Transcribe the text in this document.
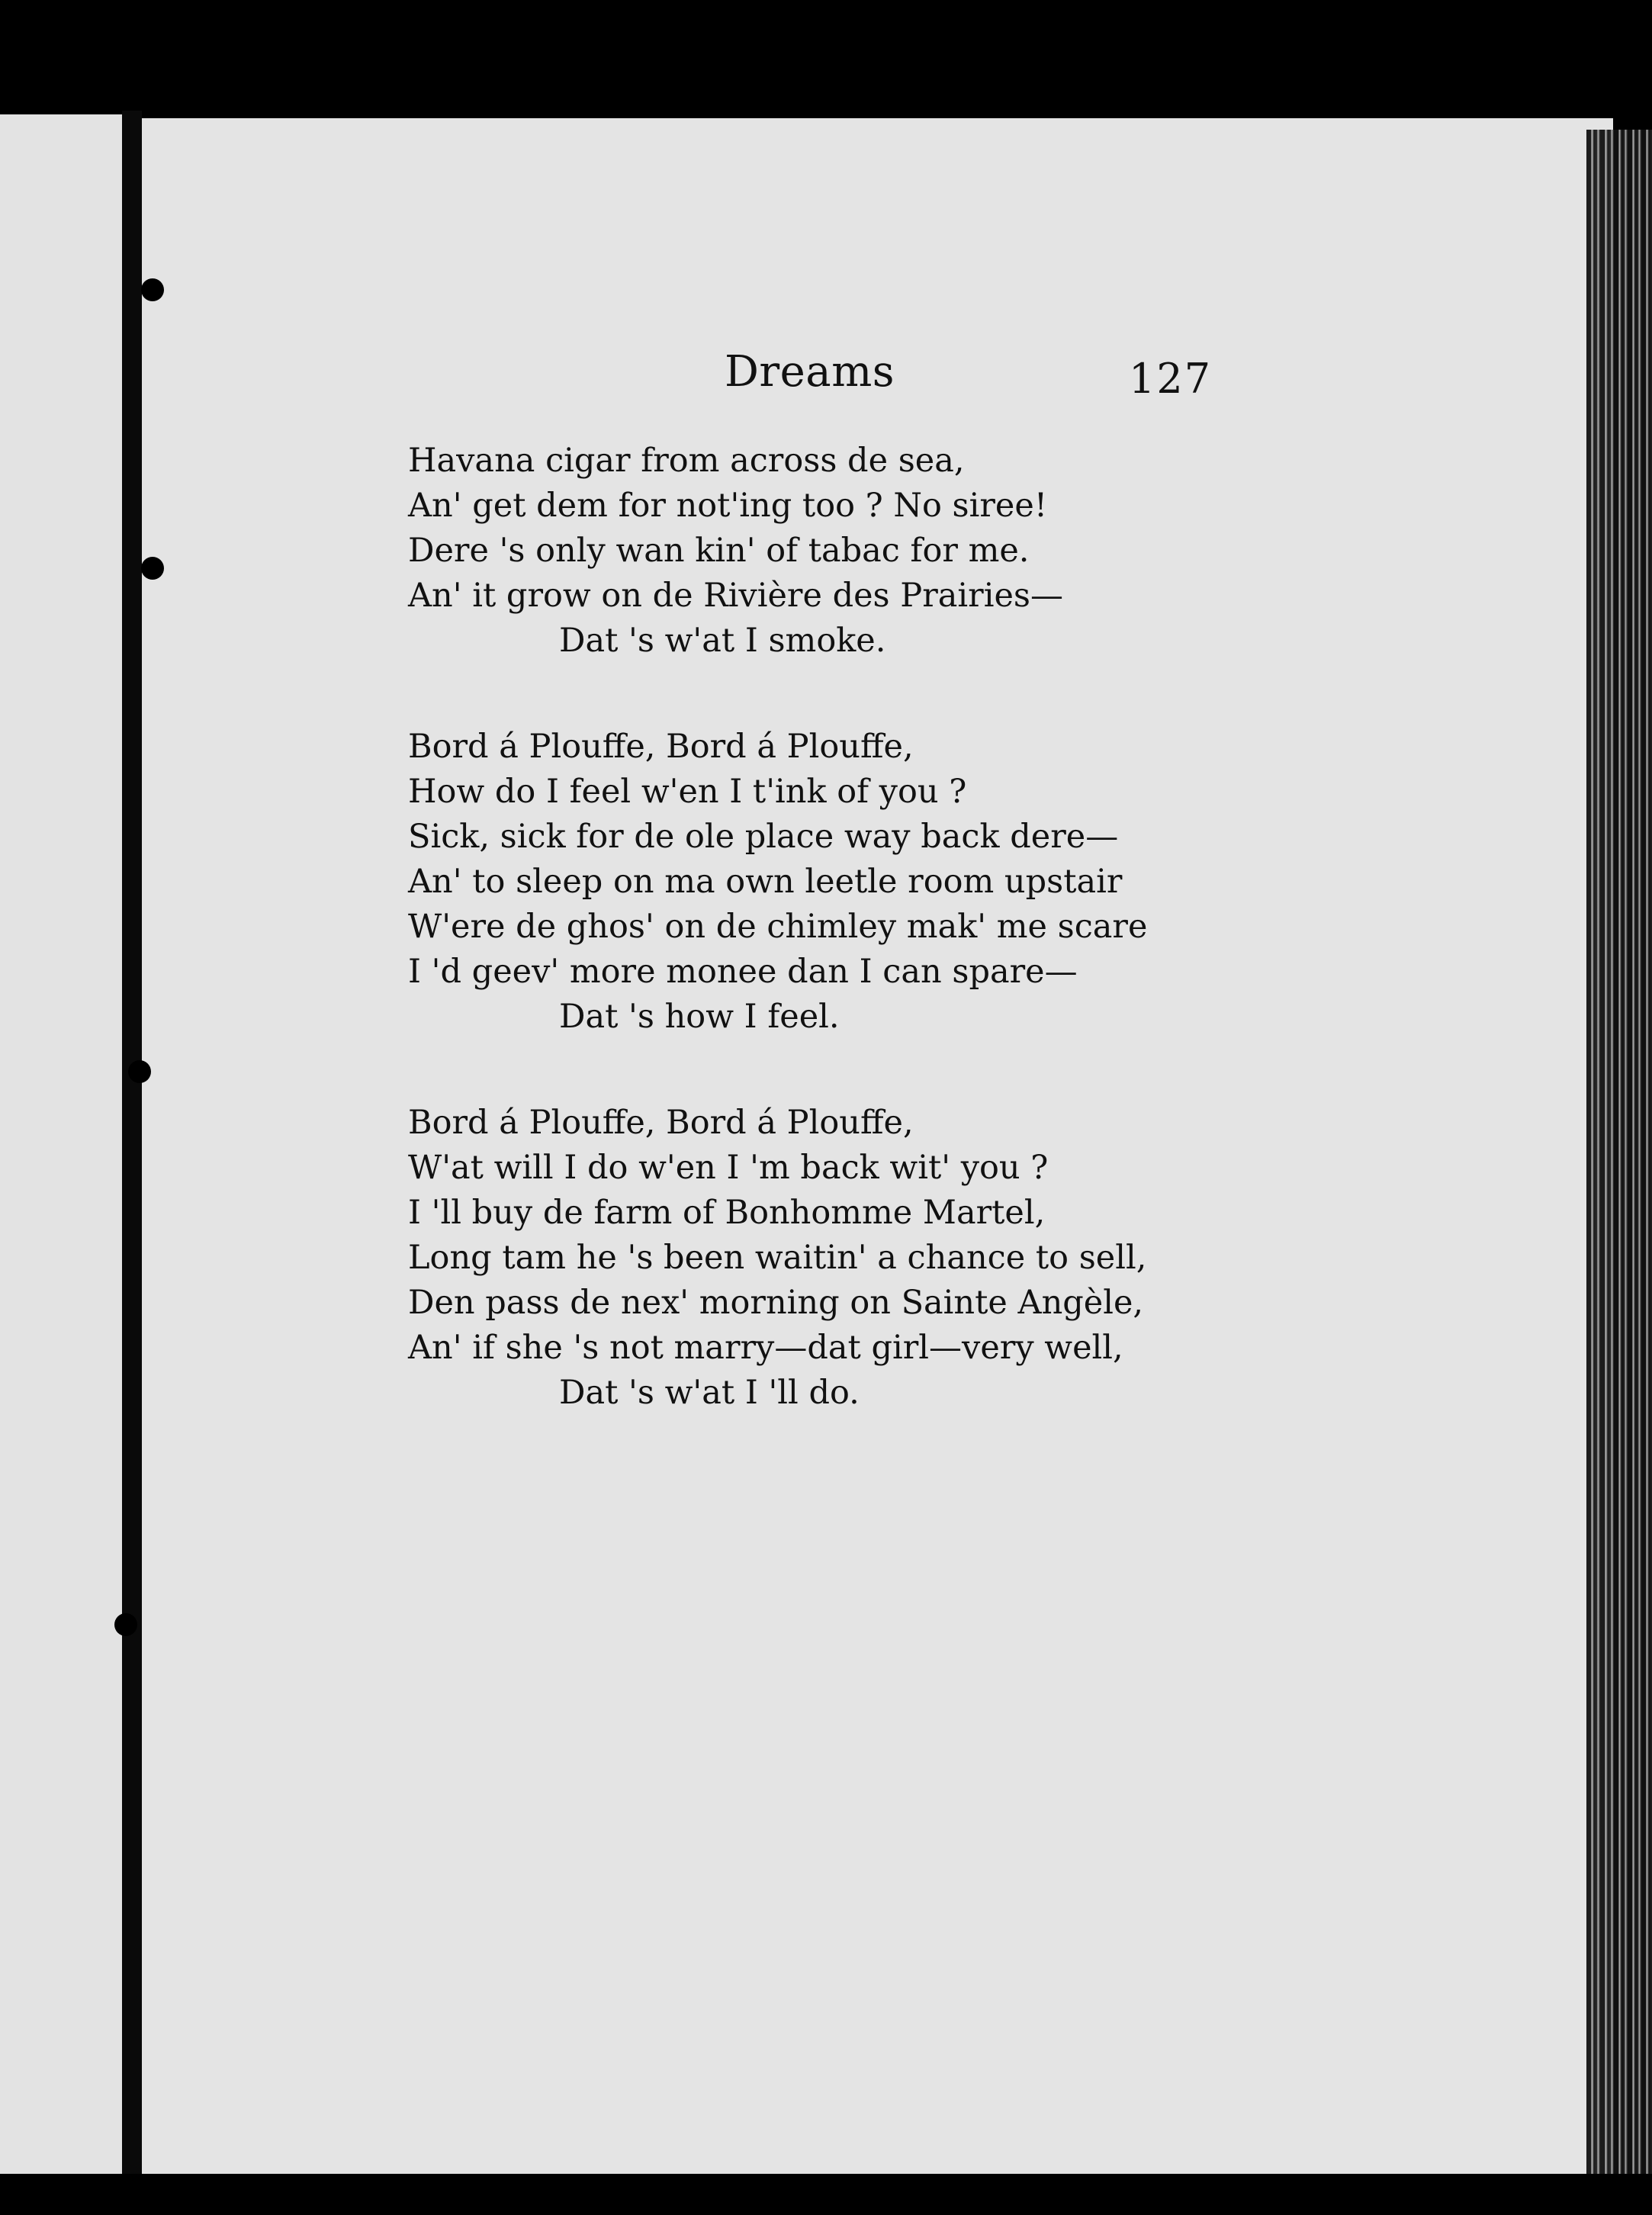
Dreams	127
Havana cigar from across de sea,
An' get dem for not'ing too ? No siree!
Dere 's only wan kin' of tabac for me.
An' it grow on de Rivière des Prairies—
Dat 's w'at I smoke.
Bord á Plouffe, Bord á Plouffe,
How do I feel w'en I t'ink of you ?
Sick, sick for de ole place way back dere—
An' to sleep on ma own leetle room upstair
W'ere de ghos' on de chimley mak' me scare
I 'd geev' more monee dan I can spare—
Dat 's how I feel.
Bord á Plouffe, Bord á Plouffe,
W'at will I do w'en I 'm back wit' you ?
I 'll buy de farm of Bonhomme Martel,
Long tam he 's been waitin' a chance to sell,
Den pass de nex' morning on Sainte Angèle,
An' if she 's not marry—dat girl—very well,
Dat 's w'at I 'll do.
